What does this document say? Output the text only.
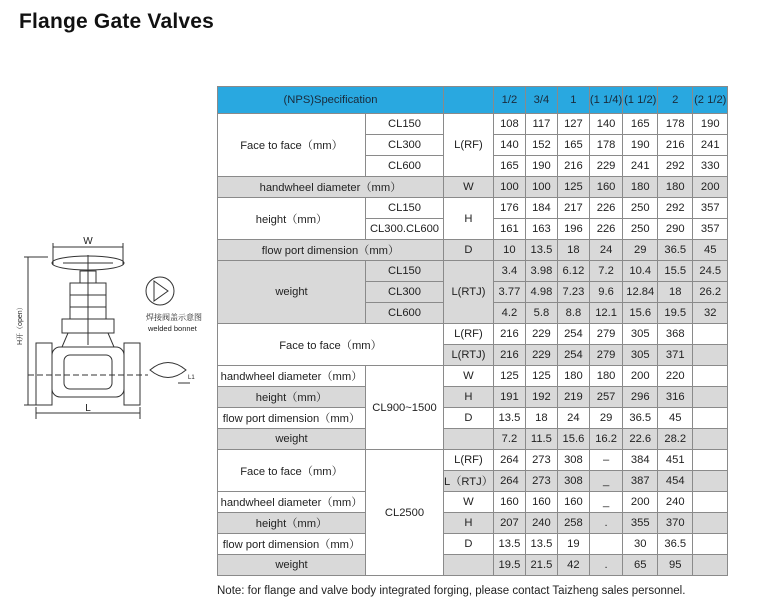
Flange Gate Valves
W
H开（open）
L
L1
焊接阀盖示意图
welded bonnet
(NPS)Specification			1/2	3/4	1	(1 1/4)	(1 1/2)	2	(2 1/2)
Face to face（mm）	CL150	L(RF)	108	117	127	140	165	178	190
	CL300		140	152	165	178	190	216	241
	CL600		165	190	216	229	241	292	330
handwheel diameter（mm）		W	100	100	125	160	180	180	200
height（mm）	CL150	H	176	184	217	226	250	292	357
	CL300.CL600		161	163	196	226	250	290	357
flow port dimension（mm）		D	10	13.5	18	24	29	36.5	45
weight	CL150	L(RTJ)	3.4	3.98	6.12	7.2	10.4	15.5	24.5
	CL300		3.77	4.98	7.23	9.6	12.84	18	26.2
	CL600		4.2	5.8	8.8	12.1	15.6	19.5	32
Face to face（mm）		L(RF)	216	229	254	279	305	368	
		L(RTJ)	216	229	254	279	305	371	
handwheel diameter（mm）	CL900~1500	W	125	125	180	180	200	220	
height（mm）		H	191	192	219	257	296	316	
flow port dimension（mm）		D	13.5	18	24	29	36.5	45	
weight			7.2	11.5	15.6	16.2	22.6	28.2	
Face to face（mm）	CL2500	L(RF)	264	273	308	–	384	451	
		L（RTJ）	264	273	308	_	387	454	
handwheel diameter（mm）		W	160	160	160	_	200	240	
height（mm）		H	207	240	258	.	355	370	
flow port dimension（mm）		D	13.5	13.5	19		30	36.5	
weight			19.5	21.5	42	.	65	95	
Note: for flange and valve body integrated forging, please contact Taizheng sales personnel.
